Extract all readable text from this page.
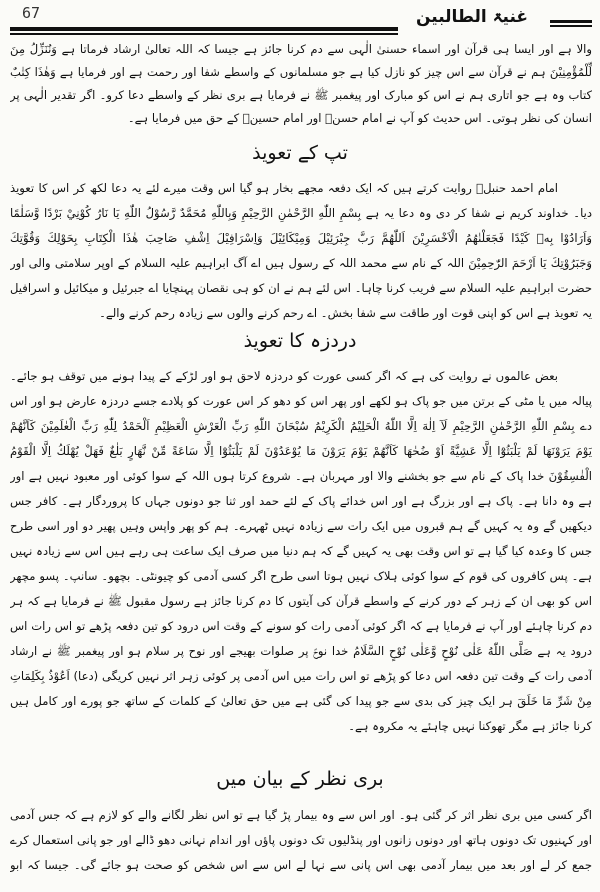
67	غنیۃ الطالبین
والا ہے اور ایسا ہی قرآن اور اسماء حسنیٰ الٰہی سے دم کرنا جائز ہے جیسا کہ اللہ تعالیٰ ارشاد فرماتا ہے وَنُنَزِّلُ مِنَ
لِّلْمُؤْمِنِيْنَ ہم نے قرآن سے اس چیز کو نازل کیا ہے جو مسلمانوں کے واسطے شفا اور رحمت ہے اور فرمایا ہے وَهٰذَا كِتٰبٌ
کتاب وہ ہے جو اتاری ہم نے اس کو مبارک اور پیغمبر ﷺ نے فرمایا ہے بری نظر کے واسطے دعا کرو۔ اگر تقدیر الٰہی پر
انسان کی نظر ہوتی۔ اس حدیث کو آپ نے امام حسنؓ اور امام حسینؓ کے حق میں فرمایا ہے۔
تپ کے تعویذ
امام احمد حنبلؒ روایت کرتے ہیں کہ ایک دفعہ مجھے بخار ہو گیا اس وقت میرے لئے یہ دعا لکھ کر اس کا تعویذ
دیا۔ خداوند کریم نے شفا کر دی وہ دعا یہ ہے بِسْمِ اللّٰهِ الرَّحْمٰنِ الرَّحِيْمِ وَبِاللّٰهِ مُحَمَّدٌ رَّسُوْلُ اللّٰهِ يَا نَارُ كُوْنِيْ بَرْدًا وَّسَلٰمًا
وَاَرَادُوْا بِهٖ كَيْدًا فَجَعَلْنٰهُمُ الْاَخْسَرِيْنَ اَللّٰهُمَّ رَبَّ جِبْرَئِيْلَ وَمِيْكَائِيْلَ وَاِسْرَافِيْلَ اِشْفِ صَاحِبَ هٰذَا الْكِتَابِ بِحَوْلِكَ وَقُوَّتِكَ
وَجَبَرُوْتِكَ يَا اَرْحَمَ الرّٰحِمِيْنَ اللہ کے نام سے محمد اللہ کے رسول ہیں اے آگ ابراہیم علیہ السلام کے اوپر سلامتی والی اور
حضرت ابراہیم علیہ السلام سے فریب کرنا چاہا۔ اس لئے ہم نے ان کو ہی نقصان پہنچایا اے جبرئیل و میکائیل و اسرافیل
یہ تعویذ ہے اس کو اپنی قوت اور طاقت سے شفا بخش۔ اے رحم کرنے والوں سے زیادہ رحم کرنے والے۔
دردزہ کا تعویذ
بعض عالموں نے روایت کی ہے کہ اگر کسی عورت کو دردزہ لاحق ہو اور لڑکے کے پیدا ہونے میں توقف ہو جائے۔
پیالہ میں یا مٹی کے برتن میں جو پاک ہو لکھے اور پھر اس کو دھو کر اس عورت کو پلادے جسے دردزہ عارض ہو اور اس
دے بِسْمِ اللّٰهِ الرَّحْمٰنِ الرَّحِيْمِ لَآ اِلٰهَ اِلَّا اللّٰهُ الْحَلِيْمُ الْكَرِيْمُ سُبْحَانَ اللّٰهِ رَبِّ الْعَرْشِ الْعَظِيْمِ اَلْحَمْدُ لِلّٰهِ رَبِّ الْعٰلَمِيْنَ كَاَنَّهُمْ
يَوْمَ يَرَوْنَهَا لَمْ يَلْبَثُوْٓا اِلَّا عَشِيَّةً اَوْ ضُحٰهَا كَاَنَّهُمْ يَوْمَ يَرَوْنَ مَا يُوْعَدُوْنَ لَمْ يَلْبَثُوْٓا اِلَّا سَاعَةً مِّنْ نَّهَارٍ بَلٰغٌ فَهَلْ يُهْلَكُ اِلَّا الْقَوْمُ
الْفٰسِقُوْنَ خدا پاک کے نام سے جو بخشنے والا اور مہربان ہے۔ شروع کرتا ہوں اللہ کے سوا کوئی اور معبود نہیں ہے اور
ہے وہ دانا ہے۔ پاک ہے اور بزرگ ہے اور اس خدائے پاک کے لئے حمد اور ثنا جو دونوں جہاں کا پروردگار ہے۔ کافر جس
دیکھیں گے وہ یہ کہیں گے ہم قبروں میں ایک رات سے زیادہ نہیں ٹھہرے۔ ہم کو پھر واپس وہیں پھیر دو اور اسی طرح
جس کا وعدہ کیا گیا ہے تو اس وقت بھی یہ کہیں گے کہ ہم دنیا میں صرف ایک ساعت ہی رہے ہیں اس سے زیادہ نہیں
ہے۔ پس کافروں کی قوم کے سوا کوئی ہلاک نہیں ہوتا اسی طرح اگر کسی آدمی کو چیونٹی۔ بچھو۔ سانپ۔ پسو مچھر
اس کو بھی ان کے زہر کے دور کرنے کے واسطے قرآن کی آیتوں کا دم کرنا جائز ہے رسول مقبول ﷺ نے فرمایا ہے کہ ہر
دم کرنا چاہئے اور آپ نے فرمایا ہے کہ اگر کوئی آدمی رات کو سونے کے وقت اس درود کو تین دفعہ پڑھے تو اس رات اس
درود یہ ہے صَلَّى اللّٰهُ عَلٰى نُوْحٍ وَّعَلٰى نُوْحٍ السَّلَامُ خدا نوحؑ پر صلوات بھیجے اور نوح پر سلام ہو اور پیغمبر ﷺ نے ارشاد
آدمی رات کے وقت تین دفعہ اس دعا کو پڑھے تو اس رات میں اس آدمی پر کوئی زہر اثر نہیں کریگی (دعا) اَعُوْذُ بِكَلِمَاتِ
مِنْ شَرِّ مَا خَلَقَ ہر ایک چیز کی بدی سے جو پیدا کی گئی ہے میں حق تعالیٰ کے کلمات کے ساتھ جو پورے اور کامل ہیں
کرنا جائز ہے مگر تھوکنا نہیں چاہئے یہ مکروہ ہے۔
بری نظر کے بیان میں
اگر کسی میں بری نظر اثر کر گئی ہو۔ اور اس سے وہ بیمار پڑ گیا ہے تو اس نظر لگانے والے کو لازم ہے کہ جس آدمی
اور کہنیوں تک دونوں ہاتھ اور دونوں زانوں اور پنڈلیوں تک دونوں پاؤں اور اندام نہانی دھو ڈالے اور جو پانی استعمال کرے
جمع کر لے اور بعد میں بیمار آدمی بھی اس پانی سے نہا لے اس سے اس شخص کو صحت ہو جائے گی۔ جیسا کہ ابو
